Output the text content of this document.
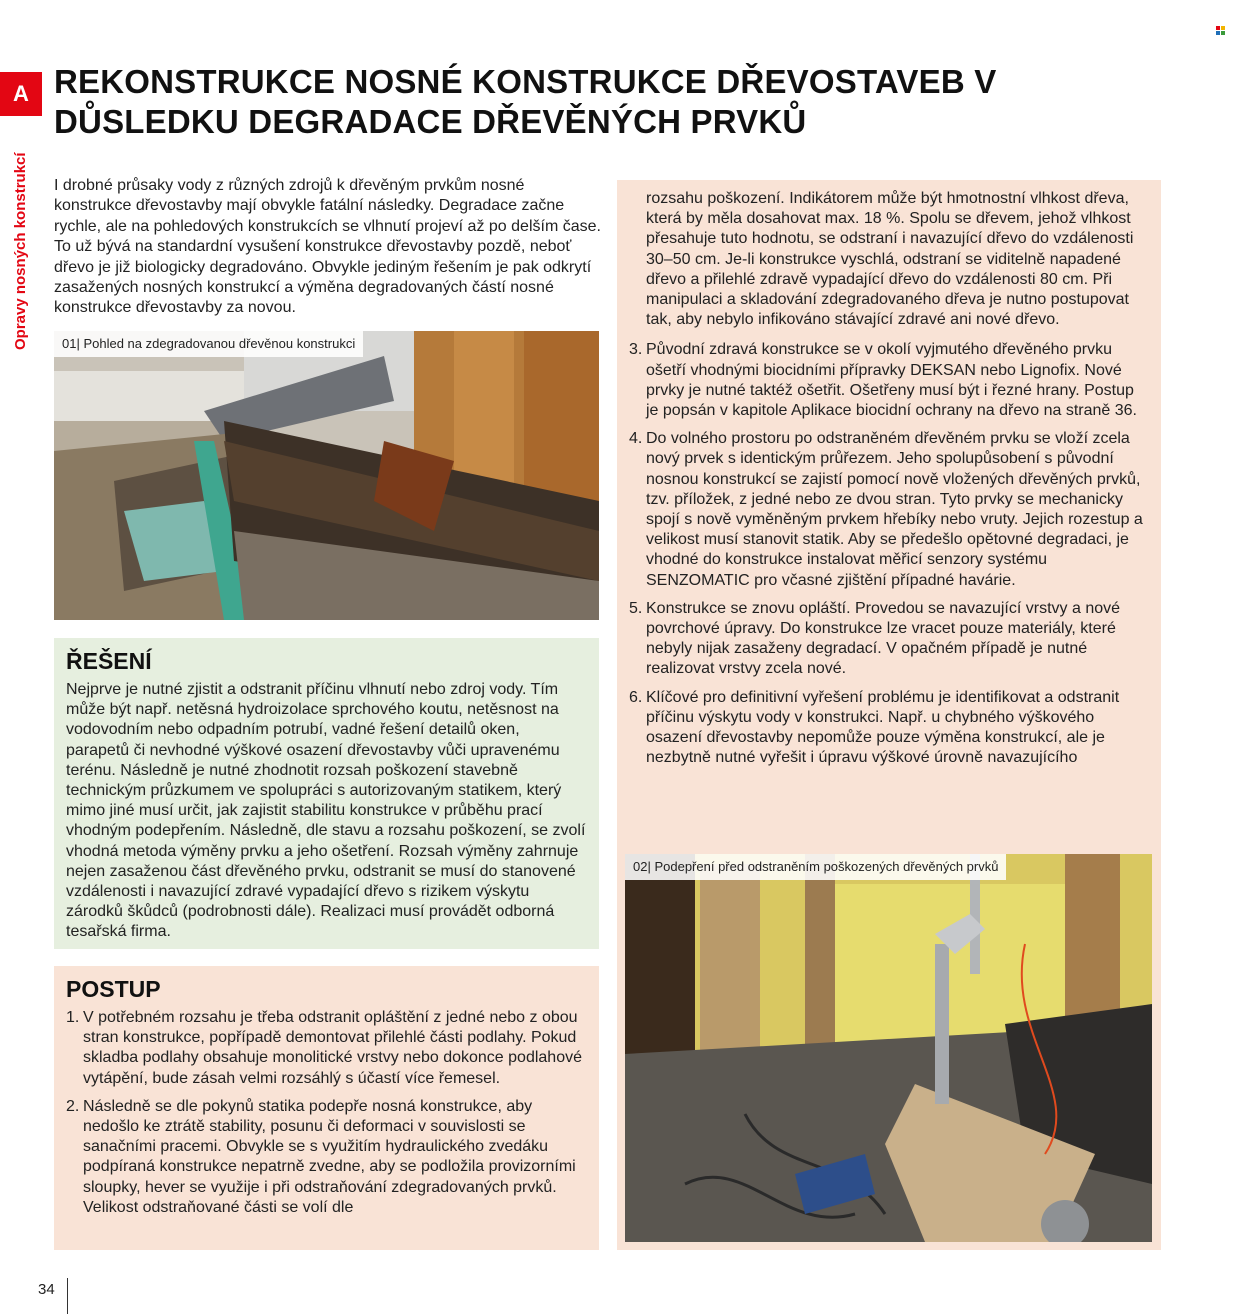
A
Opravy nosných konstrukcí
REKONSTRUKCE NOSNÉ KONSTRUKCE DŘEVOSTAVEB V DŮSLEDKU DEGRADACE DŘEVĚNÝCH PRVKŮ

I drobné průsaky vody z různých zdrojů k dřevěným prvkům nosné konstrukce dřevostavby mají obvykle fatální následky. Degradace začne rychle, ale na pohledových konstrukcích se vlhnutí projeví až po delším čase. To už bývá na standardní vysušení konstrukce dřevostavby pozdě, neboť dřevo je již biologicky degradováno. Obvykle jediným řešením je pak odkrytí zasažených nosných konstrukcí a výměna degradovaných částí nosné konstrukce dřevostavby za novou.

01| Pohled na zdegradovanou dřevěnou konstrukci
ŘEŠENÍ

Nejprve je nutné zjistit a odstranit příčinu vlhnutí nebo zdroj vody. Tím může být např. netěsná hydroizolace sprchového koutu, netěsnost na vodovodním nebo odpadním potrubí, vadné řešení detailů oken, parapetů či nevhodné výškové osazení dřevostavby vůči upravenému terénu. Následně je nutné zhodnotit rozsah poškození stavebně technickým průzkumem ve spolupráci s autorizovaným statikem, který mimo jiné musí určit, jak zajistit stabilitu konstrukce v průběhu prací vhodným podepřením. Následně, dle stavu a rozsahu poškození, se zvolí vhodná metoda výměny prvku a jeho ošetření. Rozsah výměny zahrnuje nejen zasaženou část dřevěného prvku, odstranit se musí do stanovené vzdálenosti i navazující zdravé vypadající dřevo s rizikem výskytu zárodků škůdců (podrobnosti dále). Realizaci musí provádět odborná tesařská firma.

POSTUP
1. V potřebném rozsahu je třeba odstranit opláštění z jedné nebo z obou stran konstrukce, popřípadě demontovat přilehlé části podlahy. Pokud skladba podlahy obsahuje monolitické vrstvy nebo dokonce podlahové vytápění, bude zásah velmi rozsáhlý s účastí více řemesel.
2. Následně se dle pokynů statika podepře nosná konstrukce, aby nedošlo ke ztrátě stability, posunu či deformaci v souvislosti se sanačními pracemi. Obvykle se s využitím hydraulického zvedáku podpíraná konstrukce nepatrně zvedne, aby se podložila provizorními sloupky, hever se využije i při odstraňování zdegradovaných prvků. Velikost odstraňované části se volí dle

rozsahu poškození. Indikátorem může být hmotnostní vlhkost dřeva, která by měla dosahovat max. 18 %. Spolu se dřevem, jehož vlhkost přesahuje tuto hodnotu, se odstraní i navazující dřevo do vzdálenosti 30–50 cm. Je-li konstrukce vyschlá, odstraní se viditelně napadené dřevo a přilehlé zdravě vypadající dřevo do vzdálenosti 80 cm. Při manipulaci a skladování zdegradovaného dřeva je nutno postupovat tak, aby nebylo infikováno stávající zdravé ani nové dřevo.

3. Původní zdravá konstrukce se v okolí vyjmutého dřevěného prvku ošetří vhodnými biocidními přípravky DEKSAN nebo Lignofix. Nové prvky je nutné taktéž ošetřit. Ošetřeny musí být i řezné hrany. Postup je popsán v kapitole Aplikace biocidní ochrany na dřevo na straně 36.
4. Do volného prostoru po odstraněném dřevěném prvku se vloží zcela nový prvek s identickým průřezem. Jeho spolupůsobení s původní nosnou konstrukcí se zajistí pomocí nově vložených dřevěných prvků, tzv. příložek, z jedné nebo ze dvou stran. Tyto prvky se mechanicky spojí s nově vyměněným prvkem hřebíky nebo vruty. Jejich rozestup a velikost musí stanovit statik. Aby se předešlo opětovné degradaci, je vhodné do konstrukce instalovat měřicí senzory systému SENZOMATIC pro včasné zjištění případné havárie.
5. Konstrukce se znovu opláští. Provedou se navazující vrstvy a nové povrchové úpravy. Do konstrukce lze vracet pouze materiály, které nebyly nijak zasaženy degradací. V opačném případě je nutné realizovat vrstvy zcela nové.
6. Klíčové pro definitivní vyřešení problému je identifikovat a odstranit příčinu výskytu vody v konstrukci. Např. u chybného výškového osazení dřevostavby nepomůže pouze výměna konstrukcí, ale je nezbytně nutné vyřešit i úpravu výškové úrovně navazujícího
02| Podepření před odstraněním poškozených dřevěných prvků
34
